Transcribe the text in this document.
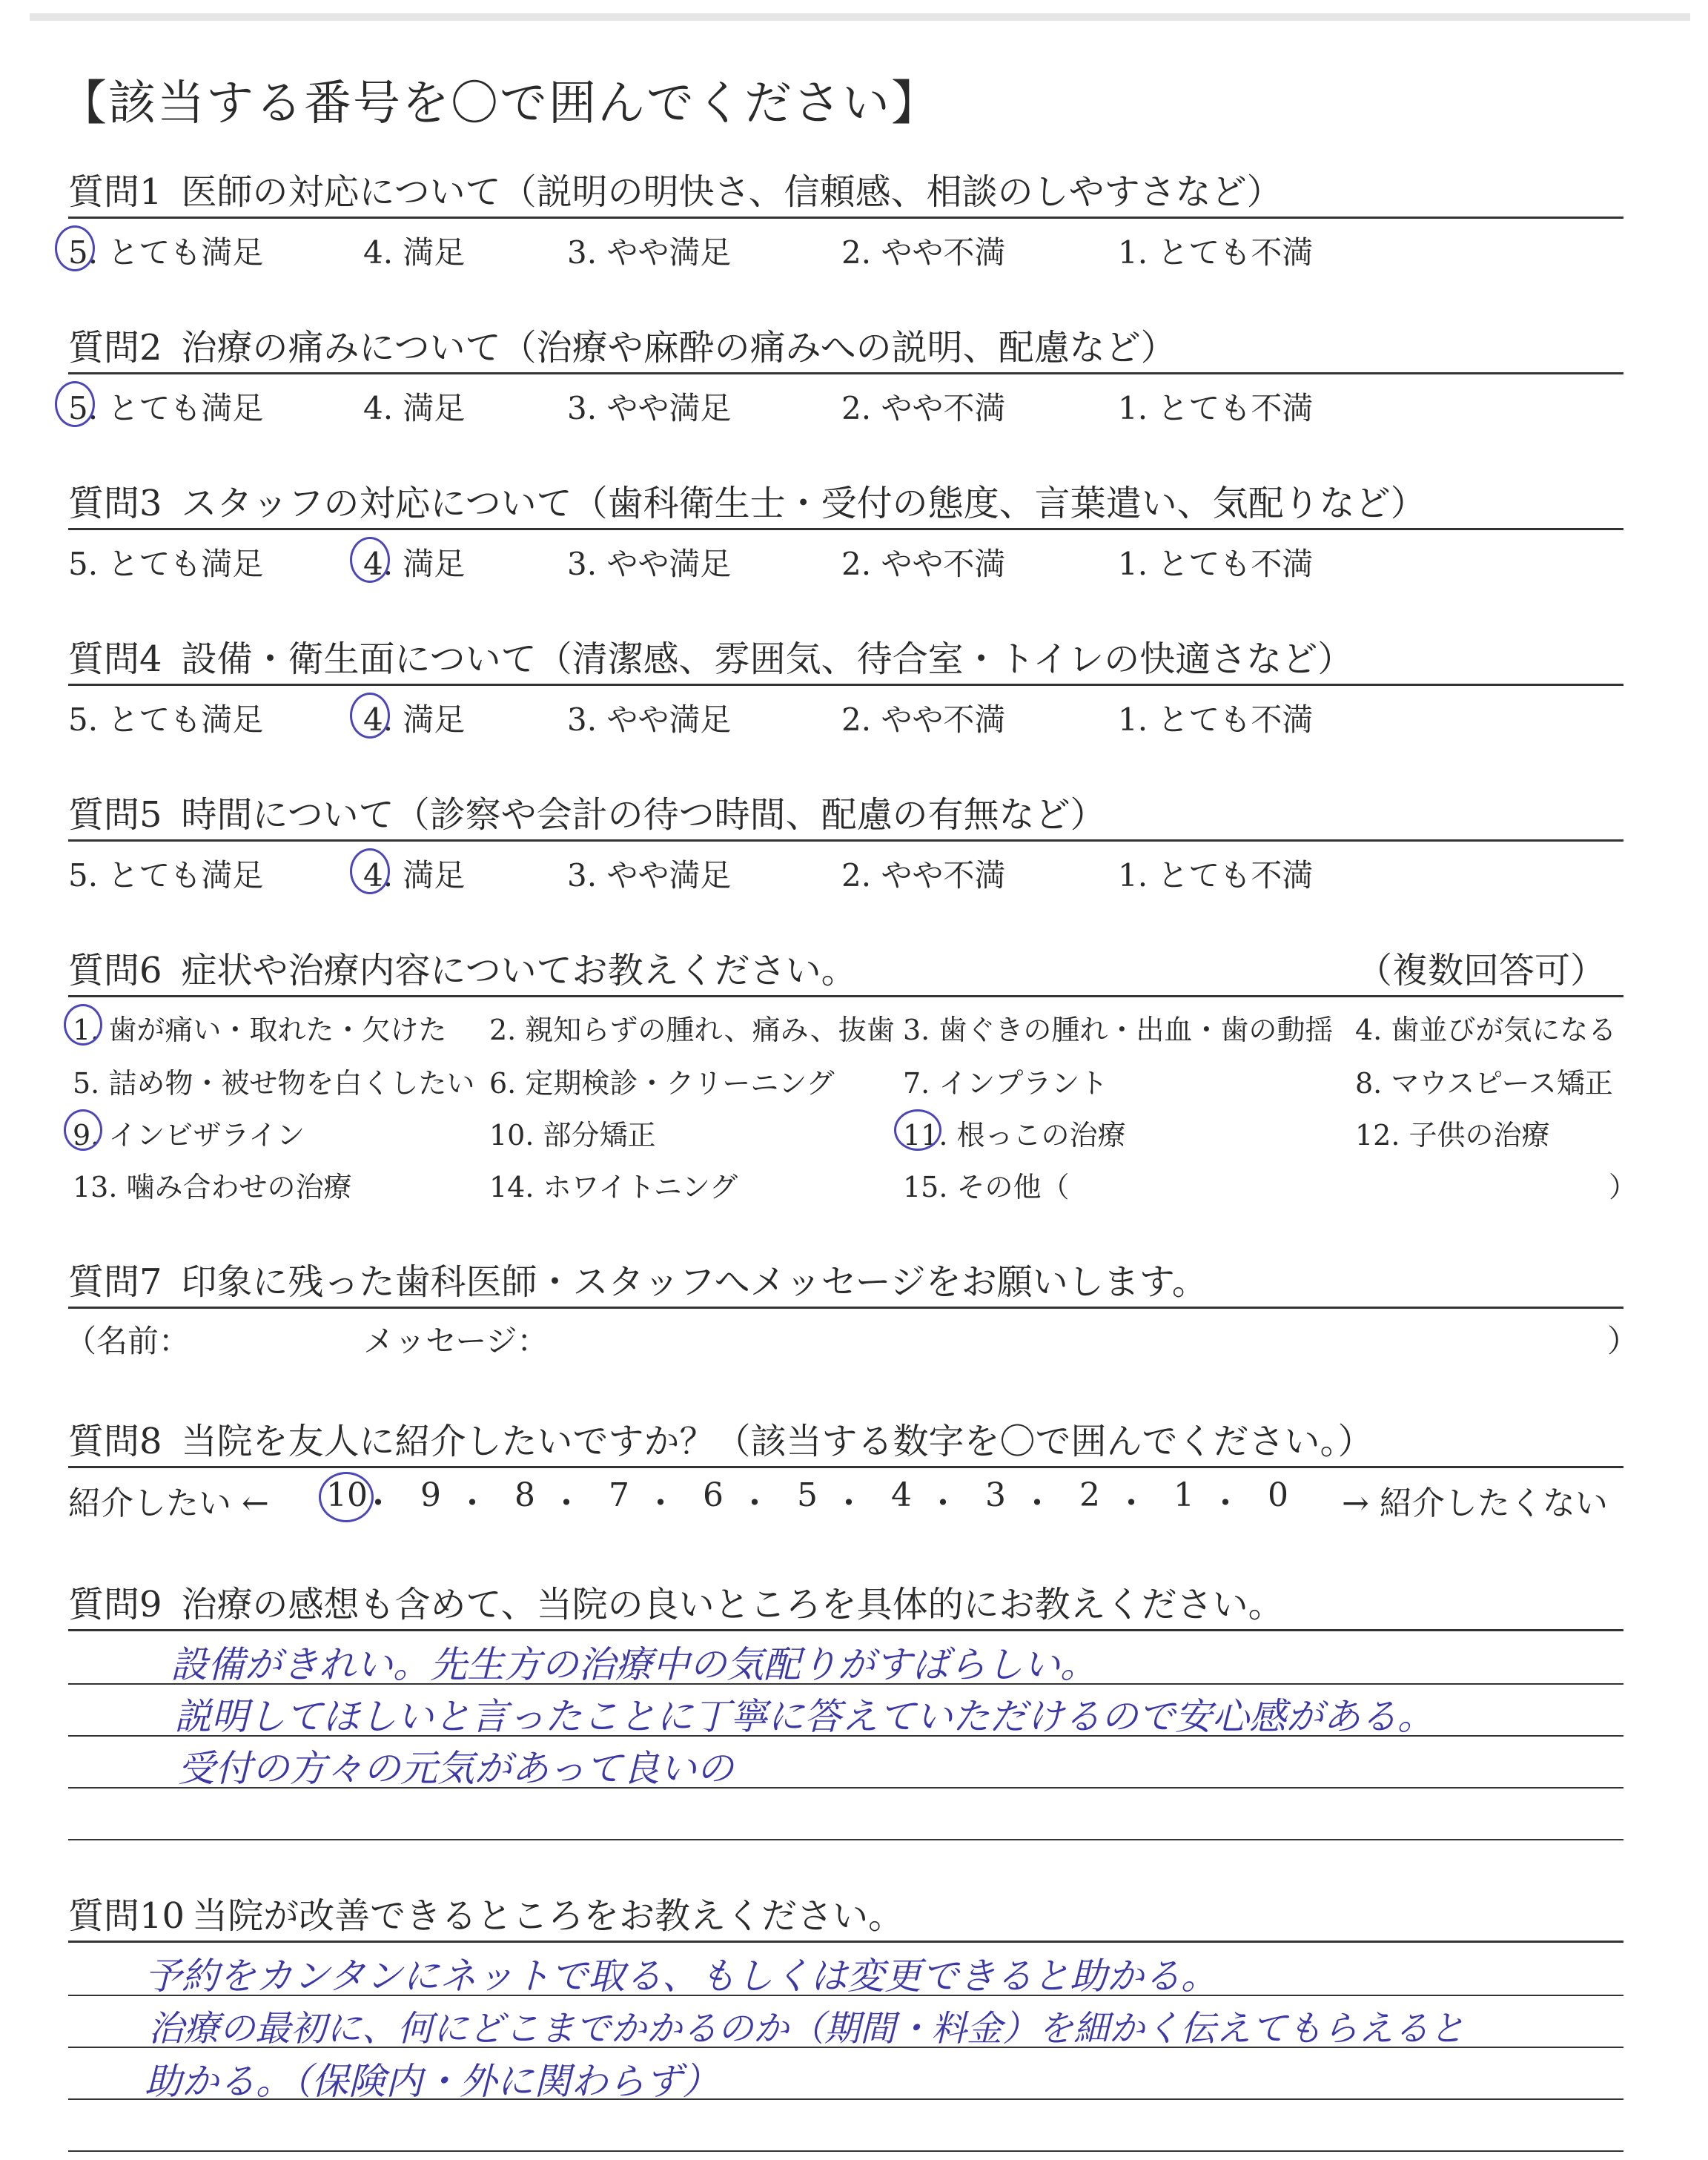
【該当する番号を〇で囲んでください】
質問1 医師の対応について（説明の明快さ、信頼感、相談のしやすさなど）
5. とても満足	4. 満足	3. やや満足	2. やや不満	1. とても不満
質問2 治療の痛みについて（治療や麻酔の痛みへの説明、配慮など）
5. とても満足	4. 満足	3. やや満足	2. やや不満	1. とても不満
質問3 スタッフの対応について（歯科衛生士・受付の態度、言葉遣い、気配りなど）
5. とても満足	4. 満足	3. やや満足	2. やや不満	1. とても不満
質問4 設備・衛生面について（清潔感、雰囲気、待合室・トイレの快適さなど）
5. とても満足	4. 満足	3. やや満足	2. やや不満	1. とても不満
質問5 時間について（診察や会計の待つ時間、配慮の有無など）
5. とても満足	4. 満足	3. やや満足	2. やや不満	1. とても不満
質問6 症状や治療内容についてお教えください。	（複数回答可）
1. 歯が痛い・取れた・欠けた 2. 親知らずの腫れ、痛み、抜歯 3. 歯ぐきの腫れ・出血・歯の動揺 4. 歯並びが気になる
5. 詰め物・被せ物を白くしたい 6. 定期検診・クリーニング 7. インプラント	8. マウスピース矯正
9. インビザライン	10. 部分矯正	11. 根っこの治療	12. 子供の治療
13. 噛み合わせの治療	14. ホワイトニング	15. その他（	）
質問7 印象に残った歯科医師・スタッフへメッセージをお願いします。
（名前：	メッセージ：	）
質問8 当院を友人に紹介したいですか？（該当する数字を〇で囲んでください。）
紹介したい ←	→ 紹介したくない
10
・ 9 ・ 8 ・ 7 ・ 6 ・ 5 ・ 4 ・ 3 ・ 2 ・ 1 ・ 0
質問9 治療の感想も含めて、当院の良いところを具体的にお教えください。
設備がきれい。先生方の治療中の気配りがすばらしい。
説明してほしいと言ったことに丁寧に答えていただけるので安心感がある。
受付の方々の元気があって良いの
質問10 当院が改善できるところをお教えください。
予約をカンタンにネットで取る、もしくは変更できると助かる。
治療の最初に、何にどこまでかかるのか（期間・料金）を細かく伝えてもらえると
助かる。（保険内・外に関わらず）
